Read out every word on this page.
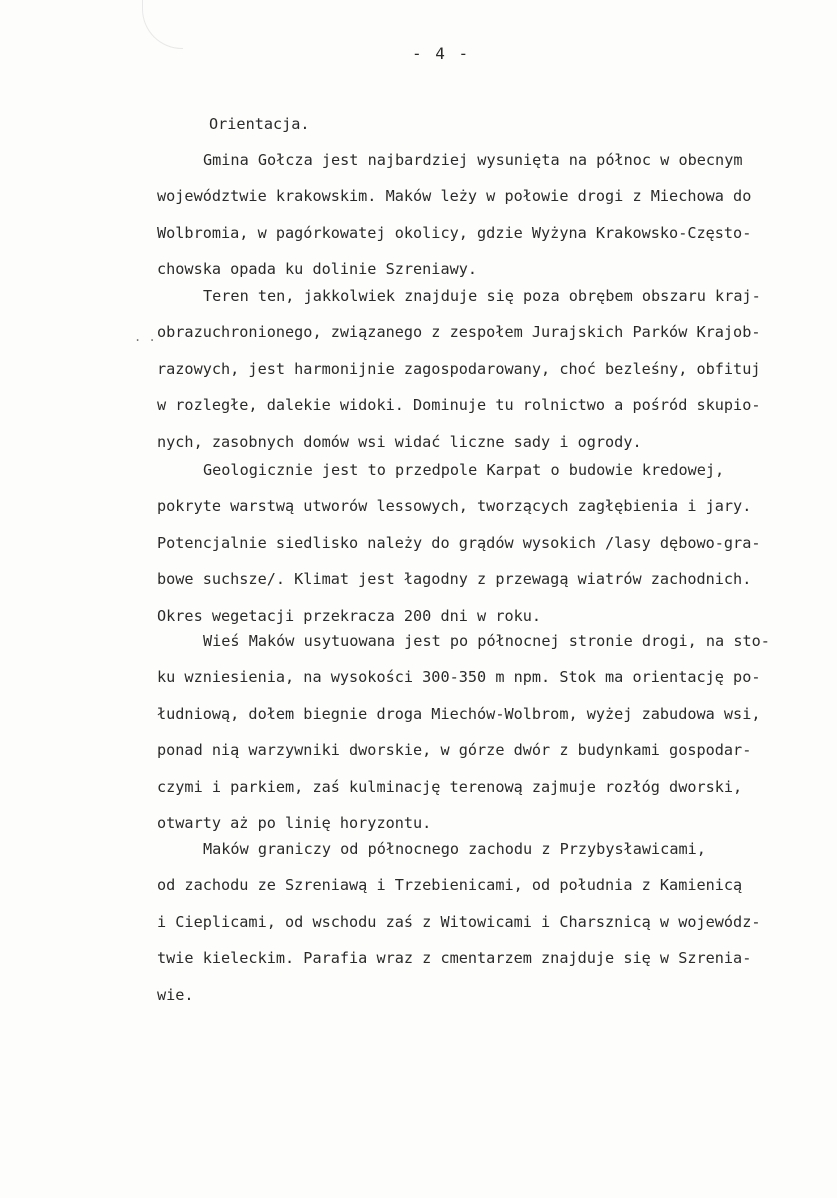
. .
- 4 -
Orientacja.
Gmina Gołcza jest najbardziej wysunięta na północ w obecnym
województwie krakowskim. Maków leży w połowie drogi z Miechowa do
Wolbromia, w pagórkowatej okolicy, gdzie Wyżyna Krakowsko-Często-
chowska opada ku dolinie Szreniawy.
Teren ten, jakkolwiek znajduje się poza obrębem obszaru kraj-
obrazuchronionego, związanego z zespołem Jurajskich Parków Krajob-
razowych, jest harmonijnie zagospodarowany, choć bezleśny, obfituj
w rozległe, dalekie widoki. Dominuje tu rolnictwo a pośród skupio-
nych, zasobnych domów wsi widać liczne sady i ogrody.
Geologicznie jest to przedpole Karpat o budowie kredowej,
pokryte warstwą utworów lessowych, tworzących zagłębienia i jary.
Potencjalnie siedlisko należy do grądów wysokich /lasy dębowo-gra-
bowe suchsze/. Klimat jest łagodny z przewagą wiatrów zachodnich.
Okres wegetacji przekracza 200 dni w roku.
Wieś Maków usytuowana jest po północnej stronie drogi, na sto-
ku wzniesienia, na wysokości 300-350 m npm. Stok ma orientację po-
łudniową, dołem biegnie droga Miechów-Wolbrom, wyżej zabudowa wsi,
ponad nią warzywniki dworskie, w górze dwór z budynkami gospodar-
czymi i parkiem, zaś kulminację terenową zajmuje rozłóg dworski,
otwarty aż po linię horyzontu.
Maków graniczy od północnego zachodu z Przybysławicami,
od zachodu ze Szreniawą i Trzebienicami, od południa z Kamienicą
i Cieplicami, od wschodu zaś z Witowicami i Charsznicą w wojewódz-
twie kieleckim. Parafia wraz z cmentarzem znajduje się w Szrenia-
wie.
